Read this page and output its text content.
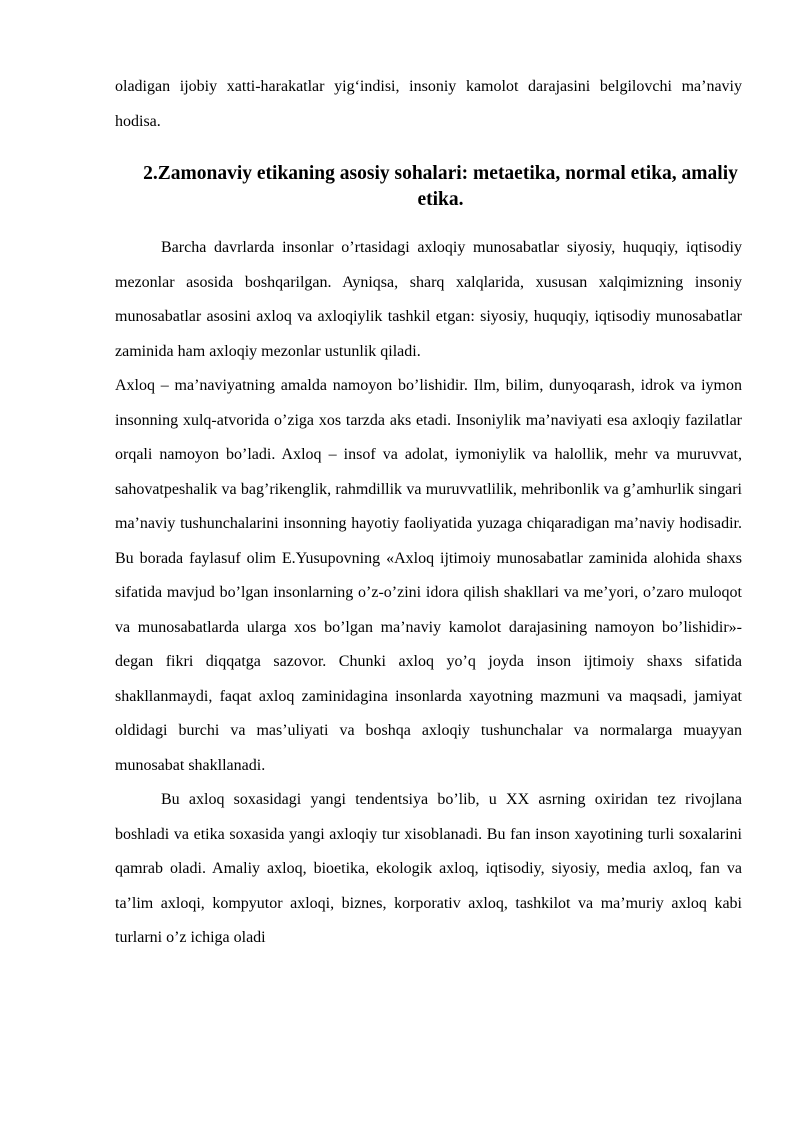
oladigan ijobiy xatti-harakatlar yig‘indisi, insoniy kamolot darajasini belgilovchi ma’naviy hodisa.

2.Zamonaviy etikaning asosiy sohalari: metaetika, normal etika, amaliy etika.

Barcha davrlarda insonlar o’rtasidagi axloqiy munosabatlar siyosiy, huquqiy, iqtisodiy mezonlar asosida boshqarilgan. Ayniqsa, sharq xalqlarida, xususan xalqimizning insoniy munosabatlar asosini axloq va axloqiylik tashkil etgan: siyosiy, huquqiy, iqtisodiy munosabatlar zaminida ham axloqiy mezonlar ustunlik qiladi.

Axloq – ma’naviyatning amalda namoyon bo’lishidir. Ilm, bilim, dunyoqarash, idrok va iymon insonning xulq-atvorida o’ziga xos tarzda aks etadi. Insoniylik ma’naviyati esa axloqiy fazilatlar orqali namoyon bo’ladi. Axloq – insof va adolat, iymoniylik va halollik, mehr va muruvvat, sahovatpeshalik va bag’rikenglik, rahmdillik va muruvvatlilik, mehribonlik va g’amhurlik singari ma’naviy tushunchalarini insonning hayotiy faoliyatida yuzaga chiqaradigan ma’naviy hodisadir. Bu borada faylasuf olim E.Yusupovning «Axloq ijtimoiy munosabatlar zaminida alohida shaxs sifatida mavjud bo’lgan insonlarning o’z-o’zini idora qilish shakllari va me’yori, o’zaro muloqot va munosabatlarda ularga xos bo’lgan ma’naviy kamolot darajasining namoyon bo’lishidir»-degan fikri diqqatga sazovor. Chunki axloq yo’q joyda inson ijtimoiy shaxs sifatida shakllanmaydi, faqat axloq zaminidagina insonlarda xayotning mazmuni va maqsadi, jamiyat oldidagi burchi va mas’uliyati va boshqa axloqiy tushunchalar va normalarga muayyan munosabat shakllanadi.

Bu axloq soxasidagi yangi tendentsiya bo’lib, u XX asrning oxiridan tez rivojlana boshladi va etika soxasida yangi axloqiy tur xisoblanadi. Bu fan inson xayotining turli soxalarini qamrab oladi. Amaliy axloq, bioetika, ekologik axloq, iqtisodiy, siyosiy, media axloq, fan va ta’lim axloqi, kompyutor axloqi, biznes, korporativ axloq, tashkilot va ma’muriy axloq kabi turlarni o’z ichiga oladi
